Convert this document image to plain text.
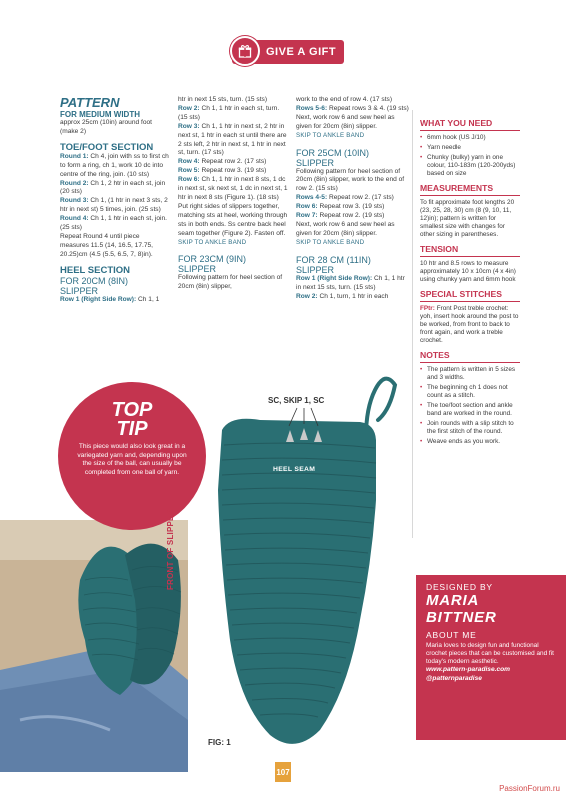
GIVE A GIFT
PATTERN
FOR MEDIUM WIDTH

approx 25cm (10in) around foot (make 2)

TOE/FOOT SECTION

Round 1: Ch 4, join with ss to first ch to form a ring, ch 1, work 10 dc into centre of the ring, join. (10 sts)

Round 2: Ch 1, 2 htr in each st, join (20 sts)

Round 3: Ch 1, (1 htr in next 3 sts, 2 htr in next st) 5 times, join. (25 sts)

Round 4: Ch 1, 1 htr in each st, join. (25 sts)

Repeat Round 4 until piece measures 11.5 (14, 16.5, 17.75, 20.25)cm (4.5 (5.5, 6.5, 7, 8)in).

HEEL SECTION
FOR 20CM (8IN)
SLIPPER

Row 1 (Right Side Row): Ch 1, 1

htr in next 15 sts, turn. (15 sts)

Row 2: Ch 1, 1 htr in each st, turn. (15 sts)

Row 3: Ch 1, 1 htr in next st, 2 htr in next st, 1 htr in each st until there are 2 sts left, 2 htr in next st, 1 htr in next st, turn. (17 sts)

Row 4: Repeat row 2. (17 sts)

Row 5: Repeat row 3. (19 sts)

Row 6: Ch 1, 1 htr in next 8 sts, 1 dc in next st, sk next st, 1 dc in next st, 1 htr in next 8 sts (Figure 1). (18 sts)

Put right sides of slippers together, matching sts at heel, working through sts in both ends. Ss centre back heel seam together (Figure 2). Fasten off.

SKIP TO ANKLE BAND

FOR 23CM (9IN)
SLIPPER

Following pattern for heel section of 20cm (8in) slipper,

work to the end of row 4. (17 sts)

Rows 5-6: Repeat rows 3 & 4. (19 sts)

Next, work row 6 and sew heel as given for 20cm (8in) slipper.

SKIP TO ANKLE BAND

FOR 25CM (10IN)
SLIPPER

Following pattern for heel section of 20cm (8in) slipper, work to the end of row 2. (15 sts)

Rows 4-5: Repeat row 2. (17 sts)

Row 6: Repeat row 3. (19 sts)

Row 7: Repeat row 2. (19 sts)

Next, work row 6 and sew heel as given for 20cm (8in) slipper.

SKIP TO ANKLE BAND

FOR 28 CM (11IN)
SLIPPER

Row 1 (Right Side Row): Ch 1, 1 htr in next 15 sts, turn. (15 sts)

Row 2: Ch 1, turn, 1 htr in each

WHAT YOU NEED
• 6mm hook (US J/10)
• Yarn needle
• Chunky (bulky) yarn in one colour, 110-183m (120-200yds) based on size
MEASUREMENTS

To fit approximate foot lengths 20 (23, 25, 28, 30) cm (8 (9, 10, 11, 12)in); pattern is written for smallest size with changes for other sizing in parentheses.

TENSION

10 htr and 8.5 rows to measure approximately 10 x 10cm (4 x 4in) using chunky yarn and 6mm hook

SPECIAL STITCHES

FPtr: Front Post treble crochet: yoh, insert hook around the post to be worked, from front to back to front again, and work a treble crochet.

NOTES
• The pattern is written in 5 sizes and 3 widths.
• The beginning ch 1 does not count as a stitch.
• The toe/foot section and ankle band are worked in the round.
• Join rounds with a slip stitch to the first stitch of the round.
• Weave ends as you work.
TOP
TIP
This piece would also look great in a variegated yarn and, depending upon the size of the ball, can usually be completed from one ball of yarn.
SC, SKIP 1, SC
HEEL SEAM
FRONT OF SLIPPER
FIG: 1
DESIGNED BY
MARIA
BITTNER
ABOUT ME
Maria loves to design fun and functional crochet pieces that can be customised and fit today's modern aesthetic.
www.pattern-paradise.com
@patternparadise
107
PassionForum.ru
